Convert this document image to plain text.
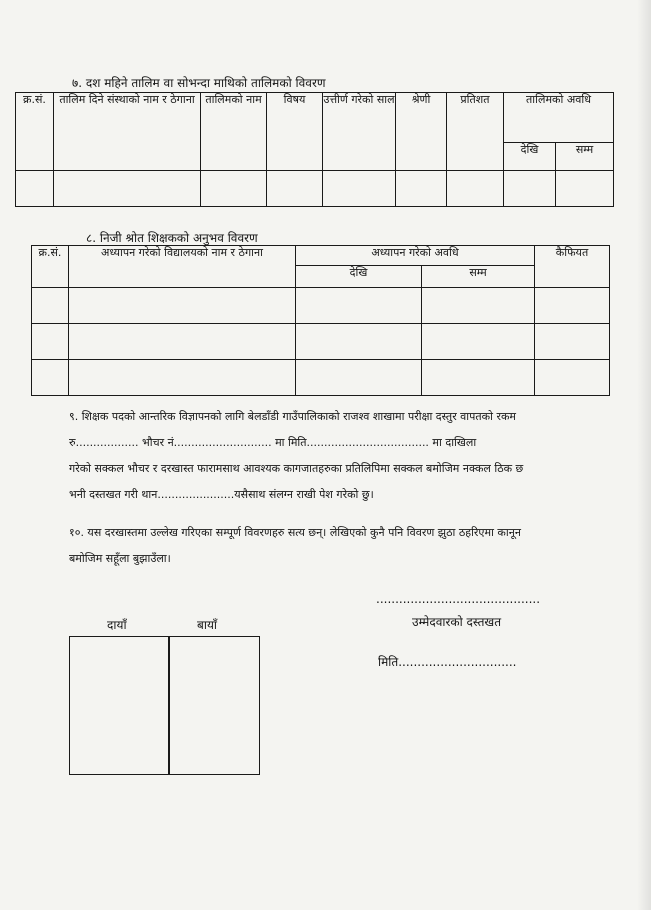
७. दश महिने तालिम वा सोभन्दा माथिको तालिमको विवरण
क्र.सं.	तालिम दिने संस्थाको नाम र ठेगाना	तालिमको नाम	विषय	उत्तीर्ण गरेको साल	श्रेणी	प्रतिशत	तालिमको अवधि	
							देखि	सम्म

८. निजी श्रोत शिक्षकको अनुभव विवरण
क्र.सं.	अध्यापन गरेको विद्यालयको नाम र ठेगाना	अध्यापन गरेको अवधि		कैफियत
		देखि	सम्म	

९. शिक्षक पदको आन्तरिक विज्ञापनको लागि बेलडाँडी गाउँपालिकाको राजश्व शाखामा परीक्षा दस्तुर वापतको रकम
रु.................. भौचर नं............................ मा मिति................................... मा दाखिला
गरेको सक्कल भौचर र दरखास्त फारामसाथ आवश्यक कागजातहरुका प्रतिलिपिमा सक्कल बमोजिम नक्कल ठिक छ
भनी दस्तखत गरी थान......................यसैसाथ संलग्न राखी पेश गरेको छु।
१०. यस दरखास्तमा उल्लेख गरिएका सम्पूर्ण विवरणहरु सत्य छन्। लेखिएको कुनै पनि विवरण झुठा ठहरिएमा कानून
बमोजिम सहूँला बुझाउँला।
...........................................
उम्मेदवारको दस्तखत
मिति...............................
दायाँ	बायाँ
